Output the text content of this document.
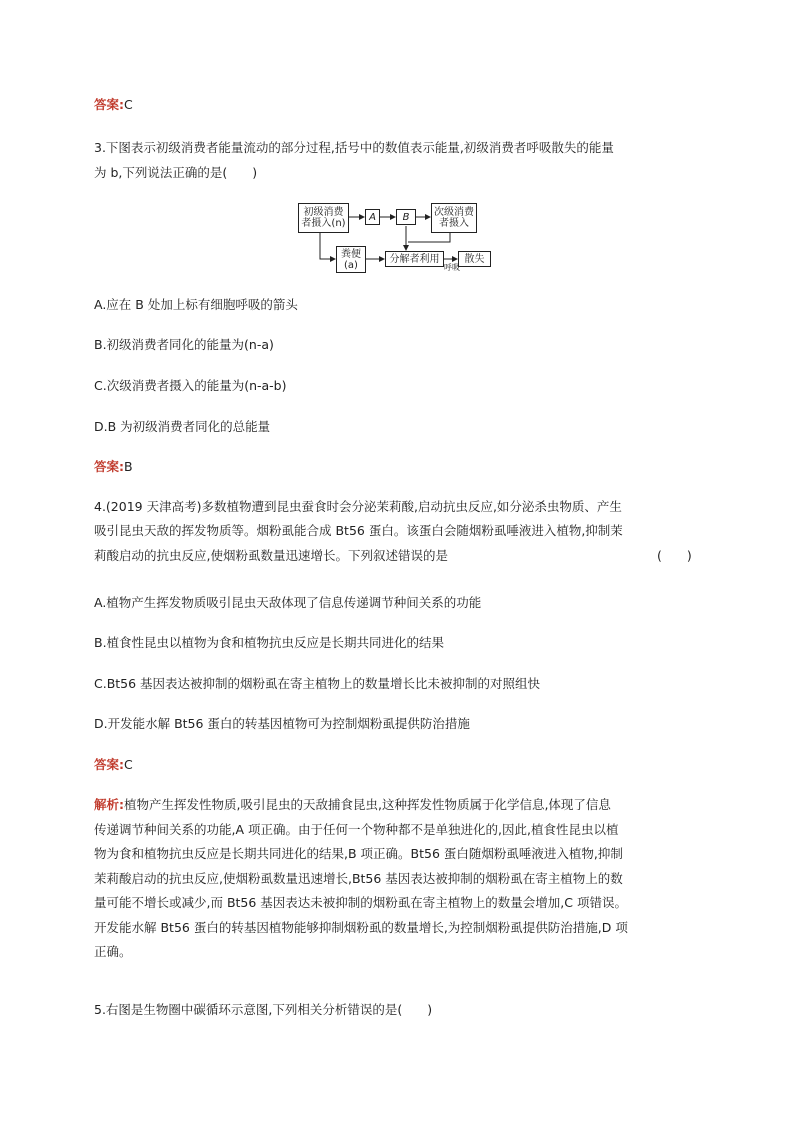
答案:C
3.下图表示初级消费者能量流动的部分过程,括号中的数值表示能量,初级消费者呼吸散失的能量
为 b,下列说法正确的是(　　)
初级消费
者摄入(n)
A	B	次级消费
者摄入
粪便
(a)
分解者利用	散失
呼吸
A.应在 B 处加上标有细胞呼吸的箭头
B.初级消费者同化的能量为(n-a)
C.次级消费者摄入的能量为(n-a-b)
D.B 为初级消费者同化的总能量
答案:B
4.(2019 天津高考)多数植物遭到昆虫蚕食时会分泌茉莉酸,启动抗虫反应,如分泌杀虫物质、产生
吸引昆虫天敌的挥发物质等。烟粉虱能合成 Bt56 蛋白。该蛋白会随烟粉虱唾液进入植物,抑制茉
莉酸启动的抗虫反应,使烟粉虱数量迅速增长。下列叙述错误的是	(　　)
A.植物产生挥发物质吸引昆虫天敌体现了信息传递调节种间关系的功能
B.植食性昆虫以植物为食和植物抗虫反应是长期共同进化的结果
C.Bt56 基因表达被抑制的烟粉虱在寄主植物上的数量增长比未被抑制的对照组快
D.开发能水解 Bt56 蛋白的转基因植物可为控制烟粉虱提供防治措施
答案:C
解析:植物产生挥发性物质,吸引昆虫的天敌捕食昆虫,这种挥发性物质属于化学信息,体现了信息
传递调节种间关系的功能,A 项正确。由于任何一个物种都不是单独进化的,因此,植食性昆虫以植
物为食和植物抗虫反应是长期共同进化的结果,B 项正确。Bt56 蛋白随烟粉虱唾液进入植物,抑制
茉莉酸启动的抗虫反应,使烟粉虱数量迅速增长,Bt56 基因表达被抑制的烟粉虱在寄主植物上的数
量可能不增长或减少,而 Bt56 基因表达未被抑制的烟粉虱在寄主植物上的数量会增加,C 项错误。
开发能水解 Bt56 蛋白的转基因植物能够抑制烟粉虱的数量增长,为控制烟粉虱提供防治措施,D 项
正确。
5.右图是生物圈中碳循环示意图,下列相关分析错误的是(　　)
